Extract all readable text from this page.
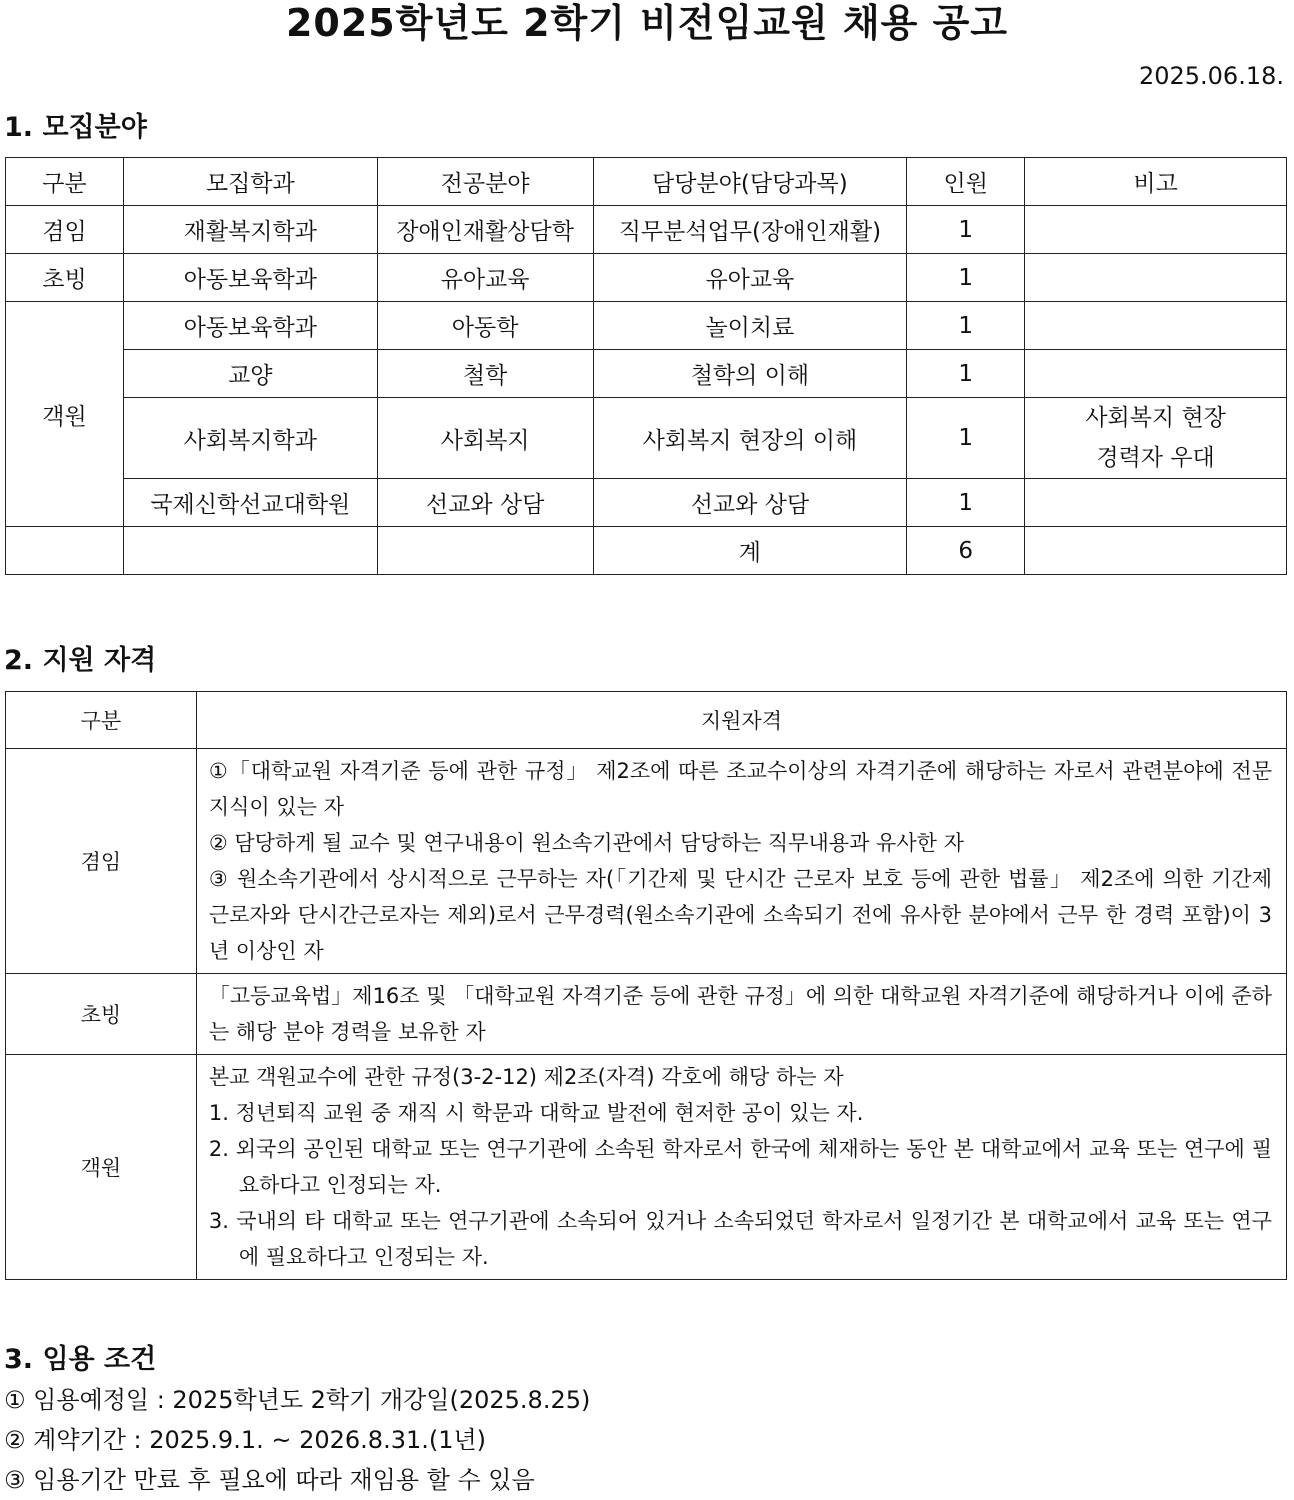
2025학년도 2학기 비전임교원 채용 공고
2025.06.18.
1. 모집분야
구분	모집학과	전공분야	담당분야(담당과목)	인원	비고
겸임	재활복지학과	장애인재활상담학	직무분석업무(장애인재활)	1	
초빙	아동보육학과	유아교육	유아교육	1	
객원	아동보육학과	아동학	놀이치료	1	
	교양	철학	철학의 이해	1	
	사회복지학과	사회복지	사회복지 현장의 이해	1	사회복지 현장
경력자 우대

	국제신학선교대학원	선교와 상담	선교와 상담	1	
			계	6	
2. 지원 자격
구분	지원자격
겸임	①「대학교원 자격기준 등에 관한 규정」 제2조에 따른 조교수이상의 자격기준에 해당하는 자로서 관련분야에 전문지식이 있는 자
② 담당하게 될 교수 및 연구내용이 원소속기관에서 담당하는 직무내용과 유사한 자
③ 원소속기관에서 상시적으로 근무하는 자(「기간제 및 단시간 근로자 보호 등에 관한 법률」 제2조에 의한 기간제 근로자와 단시간근로자는 제외)로서 근무경력(원소속기관에 소속되기 전에 유사한 분야에서 근무 한 경력 포함)이 3년 이상인 자

초빙	「고등교육법」제16조 및 「대학교원 자격기준 등에 관한 규정」에 의한 대학교원 자격기준에 해당하거나 이에 준하는 해당 분야 경력을 보유한 자

객원	본교 객원교수에 관한 규정(3-2-12) 제2조(자격) 각호에 해당 하는 자
1. 정년퇴직 교원 중 재직 시 학문과 대학교 발전에 현저한 공이 있는 자.
2. 외국의 공인된 대학교 또는 연구기관에 소속된 학자로서 한국에 체재하는 동안 본 대학교에서 교육 또는 연구에 필요하다고 인정되는 자.
3. 국내의 타 대학교 또는 연구기관에 소속되어 있거나 소속되었던 학자로서 일정기간 본 대학교에서 교육 또는 연구에 필요하다고 인정되는 자.
3. 임용 조건
① 임용예정일 : 2025학년도 2학기 개강일(2025.8.25)
② 계약기간 : 2025.9.1. ~ 2026.8.31.(1년)
③ 임용기간 만료 후 필요에 따라 재임용 할 수 있음
